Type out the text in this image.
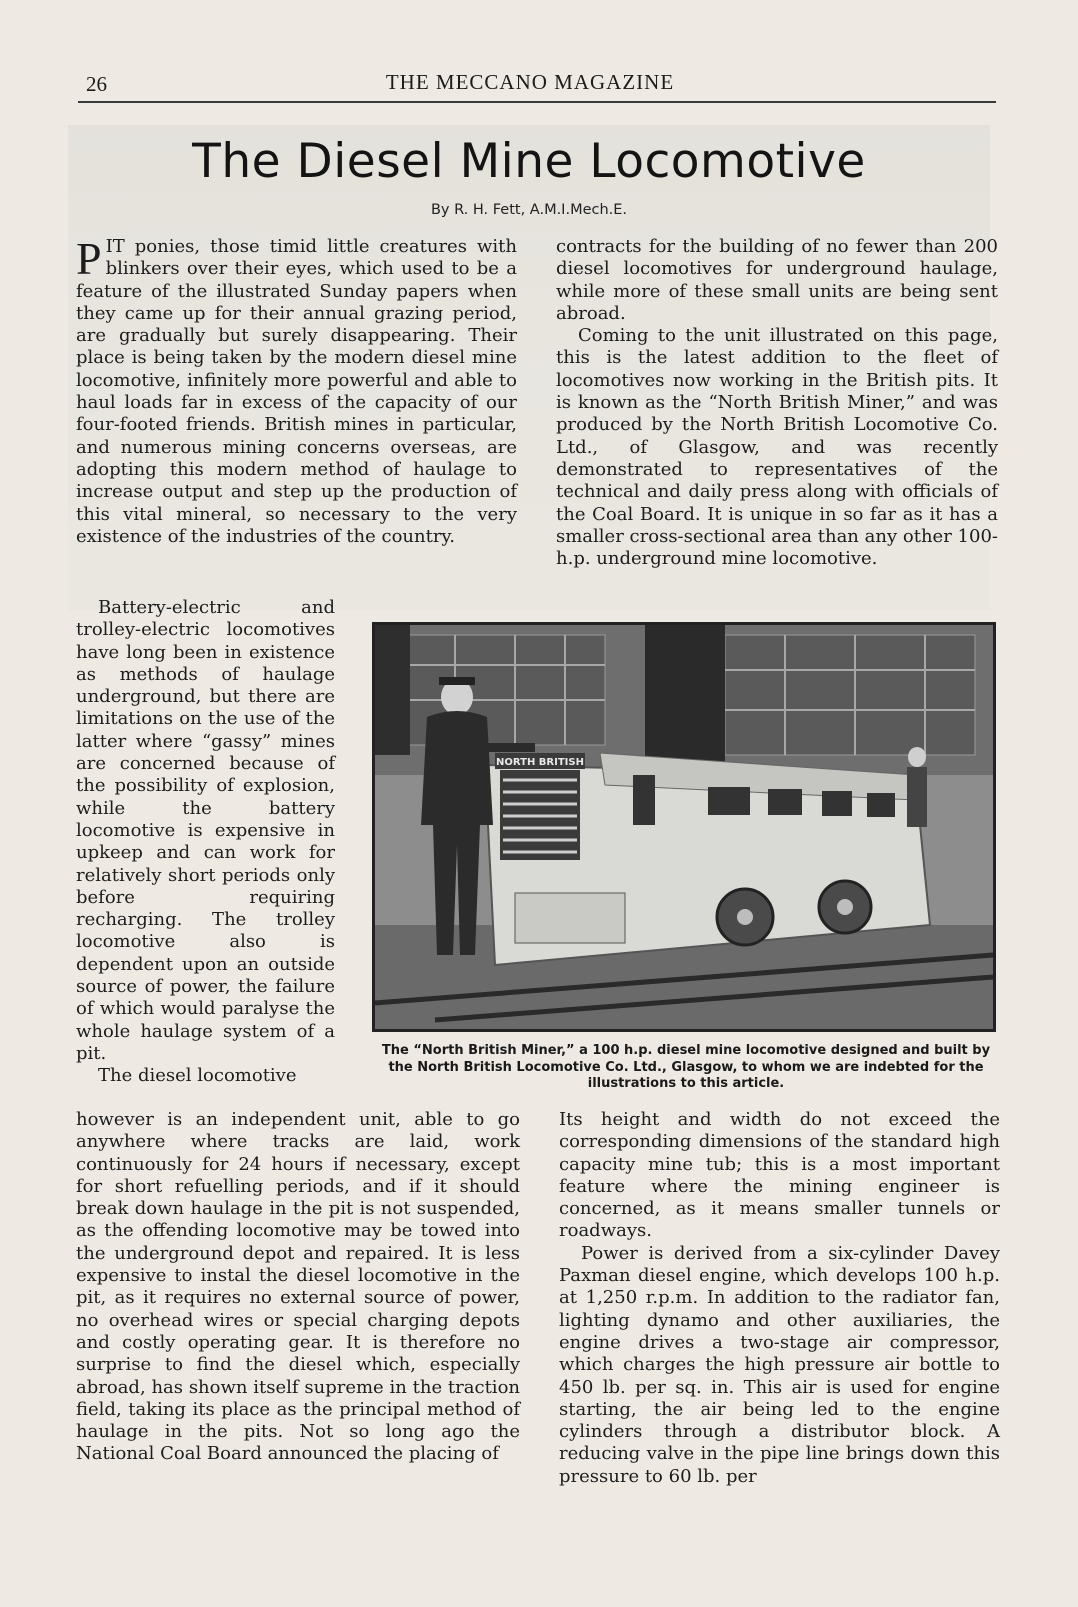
26	THE MECCANO MAGAZINE
The Diesel Mine Locomotive
By R. H. Fett, A.M.I.Mech.E.

PIT ponies, those timid little creatures with blinkers over their eyes, which used to be a feature of the illustrated Sunday papers when they came up for their annual grazing period, are gradually but surely disappearing. Their place is being taken by the modern diesel mine locomotive, infinitely more powerful and able to haul loads far in excess of the capacity of our four-footed friends. British mines in particular, and numerous mining concerns overseas, are adopting this modern method of haulage to increase output and step up the production of this vital mineral, so necessary to the very existence of the industries of the country.

contracts for the building of no fewer than 200 diesel locomotives for underground haulage, while more of these small units are being sent abroad.

Coming to the unit illustrated on this page, this is the latest addition to the fleet of locomotives now working in the British pits. It is known as the “North British Miner,” and was produced by the North British Locomotive Co. Ltd., of Glasgow, and was recently demonstrated to representatives of the technical and daily press along with officials of the Coal Board. It is unique in so far as it has a smaller cross-sectional area than any other 100-h.p. underground mine locomotive.

Battery-electric and trolley-electric locomotives have long been in existence as methods of haulage underground, but there are limitations on the use of the latter where “gassy” mines are concerned because of the possibility of explosion, while the battery locomotive is expensive in upkeep and can work for relatively short periods only before requiring recharging. The trolley locomotive also is dependent upon an outside source of power, the failure of which would paralyse the whole haulage system of a pit.

The diesel locomotive

NORTH BRITISH
The “North British Miner,” a 100 h.p. diesel mine locomotive designed and built by the North British Locomotive Co. Ltd., Glasgow, to whom we are indebted for the illustrations to this article.

however is an independent unit, able to go anywhere where tracks are laid, work continuously for 24 hours if necessary, except for short refuelling periods, and if it should break down haulage in the pit is not suspended, as the offending locomotive may be towed into the underground depot and repaired. It is less expensive to instal the diesel locomotive in the pit, as it requires no external source of power, no overhead wires or special charging depots and costly operating gear. It is therefore no surprise to find the diesel which, especially abroad, has shown itself supreme in the traction field, taking its place as the principal method of haulage in the pits. Not so long ago the National Coal Board announced the placing of

Its height and width do not exceed the corresponding dimensions of the standard high capacity mine tub; this is a most important feature where the mining engineer is concerned, as it means smaller tunnels or roadways.

Power is derived from a six-cylinder Davey Paxman diesel engine, which develops 100 h.p. at 1,250 r.p.m. In addition to the radiator fan, lighting dynamo and other auxiliaries, the engine drives a two-stage air compressor, which charges the high pressure air bottle to 450 lb. per sq. in. This air is used for engine starting, the air being led to the engine cylinders through a distributor block. A reducing valve in the pipe line brings down this pressure to 60 lb. per
